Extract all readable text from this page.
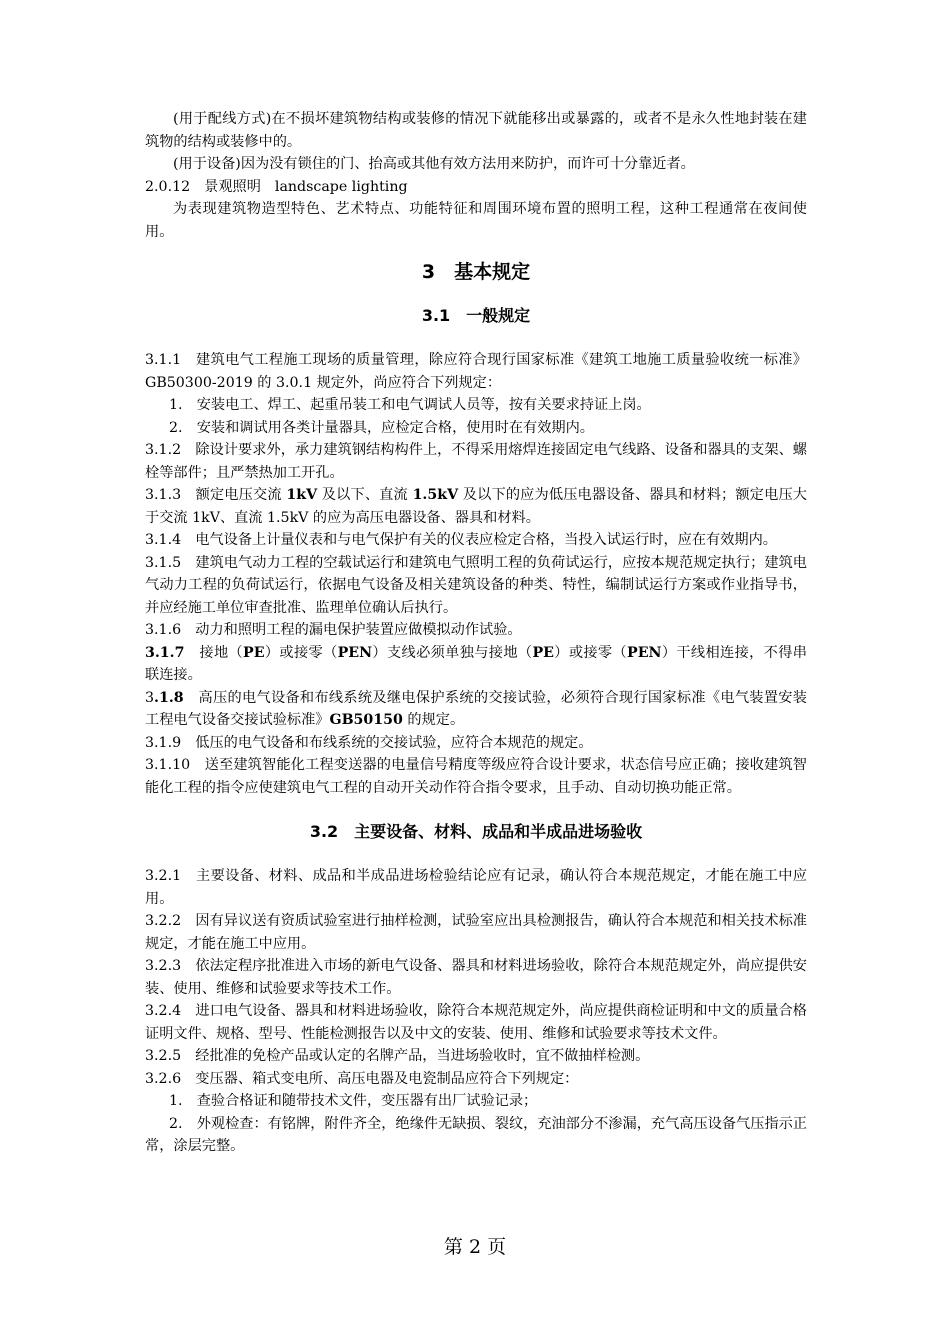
(用于配线方式)在不损坏建筑物结构或装修的情况下就能移出或暴露的，或者不是永久性地封装在建筑物的结构或装修中的。

(用于设备)因为没有锁住的门、抬高或其他有效方法用来防护，而许可十分靠近者。

2.0.12 景观照明 landscape lighting

为表现建筑物造型特色、艺术特点、功能特征和周围环境布置的照明工程，这种工程通常在夜间使用。

3　基本规定
3.1　一般规定

3.1.1　建筑电气工程施工现场的质量管理，除应符合现行国家标准《建筑工地施工质量验收统一标准》GB50300-2019 的 3.0.1 规定外，尚应符合下列规定：

1.　安装电工、焊工、起重吊装工和电气调试人员等，按有关要求持证上岗。

2.　安装和调试用各类计量器具，应检定合格，使用时在有效期内。

3.1.2　除设计要求外，承力建筑钢结构构件上，不得采用熔焊连接固定电气线路、设备和器具的支架、螺栓等部件；且严禁热加工开孔。

3.1.3　额定电压交流 1kV 及以下、直流 1.5kV 及以下的应为低压电器设备、器具和材料；额定电压大于交流 1kV、直流 1.5kV 的应为高压电器设备、器具和材料。

3.1.4　电气设备上计量仪表和与电气保护有关的仪表应检定合格，当投入试运行时，应在有效期内。

3.1.5　建筑电气动力工程的空载试运行和建筑电气照明工程的负荷试运行，应按本规范规定执行；建筑电气动力工程的负荷试运行，依据电气设备及相关建筑设备的种类、特性，编制试运行方案或作业指导书，并应经施工单位审查批准、监理单位确认后执行。

3.1.6　动力和照明工程的漏电保护装置应做模拟动作试验。

3.1.7　接地（PE）或接零（PEN）支线必须单独与接地（PE）或接零（PEN）干线相连接，不得串联连接。

3.1.8　高压的电气设备和布线系统及继电保护系统的交接试验，必须符合现行国家标准《电气装置安装工程电气设备交接试验标准》GB50150 的规定。

3.1.9　低压的电气设备和布线系统的交接试验，应符合本规范的规定。

3.1.10　送至建筑智能化工程变送器的电量信号精度等级应符合设计要求，状态信号应正确；接收建筑智能化工程的指令应使建筑电气工程的自动开关动作符合指令要求，且手动、自动切换功能正常。

3.2　主要设备、材料、成品和半成品进场验收

3.2.1　主要设备、材料、成品和半成品进场检验结论应有记录，确认符合本规范规定，才能在施工中应用。

3.2.2　因有异议送有资质试验室进行抽样检测，试验室应出具检测报告，确认符合本规范和相关技术标准规定，才能在施工中应用。

3.2.3　依法定程序批准进入市场的新电气设备、器具和材料进场验收，除符合本规范规定外，尚应提供安装、使用、维修和试验要求等技术工作。

3.2.4　进口电气设备、器具和材料进场验收，除符合本规范规定外，尚应提供商检证明和中文的质量合格证明文件、规格、型号、性能检测报告以及中文的安装、使用、维修和试验要求等技术文件。

3.2.5　经批准的免检产品或认定的名牌产品，当进场验收时，宜不做抽样检测。

3.2.6　变压器、箱式变电所、高压电器及电瓷制品应符合下列规定：

1.　查验合格证和随带技术文件，变压器有出厂试验记录；

2.　外观检查：有铭牌，附件齐全，绝缘件无缺损、裂纹，充油部分不渗漏，充气高压设备气压指示正常，涂层完整。

第 2 页
